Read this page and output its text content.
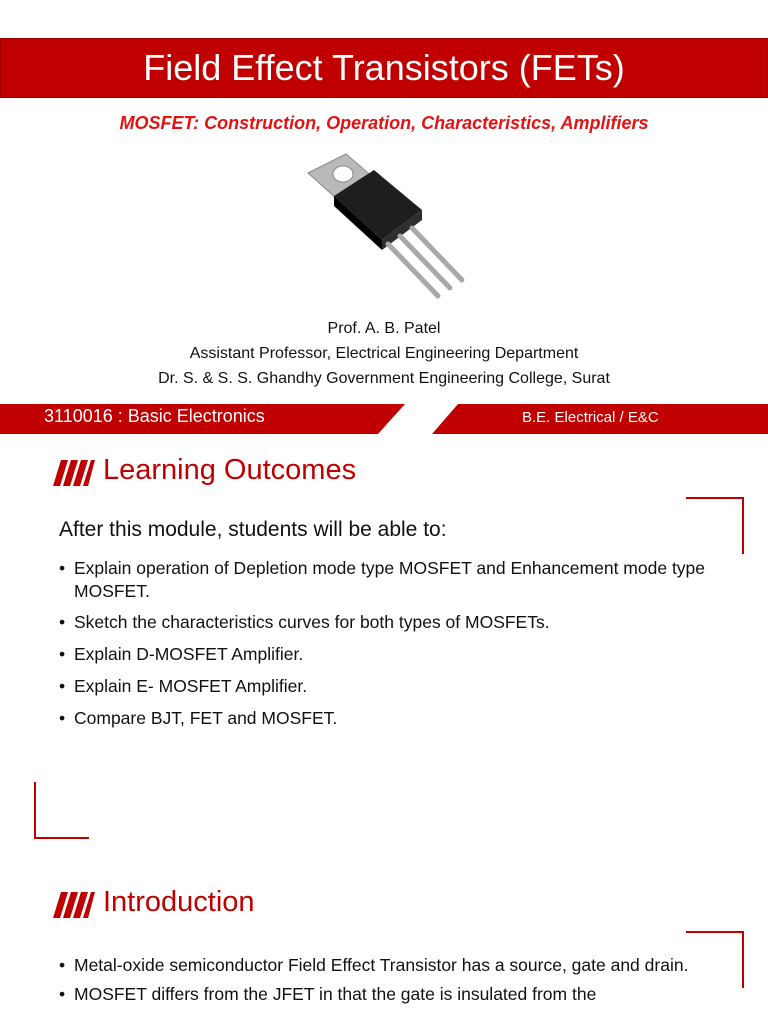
Field Effect Transistors (FETs)
MOSFET: Construction, Operation, Characteristics, Amplifiers
Prof. A. B. Patel
Assistant Professor, Electrical Engineering Department
Dr. S. & S. S. Ghandhy Government Engineering College, Surat
3110016 : Basic Electronics	B.E. Electrical / E&C
Learning Outcomes
After this module, students will be able to:
• Explain operation of Depletion mode type MOSFET and Enhancement mode type MOSFET.
• Sketch the characteristics curves for both types of MOSFETs.
• Explain D-MOSFET Amplifier.
• Explain E- MOSFET Amplifier.
• Compare BJT, FET and MOSFET.
Introduction
• Metal-oxide semiconductor Field Effect Transistor has a source, gate and drain.
• MOSFET differs from the JFET in that the gate is insulated from the
